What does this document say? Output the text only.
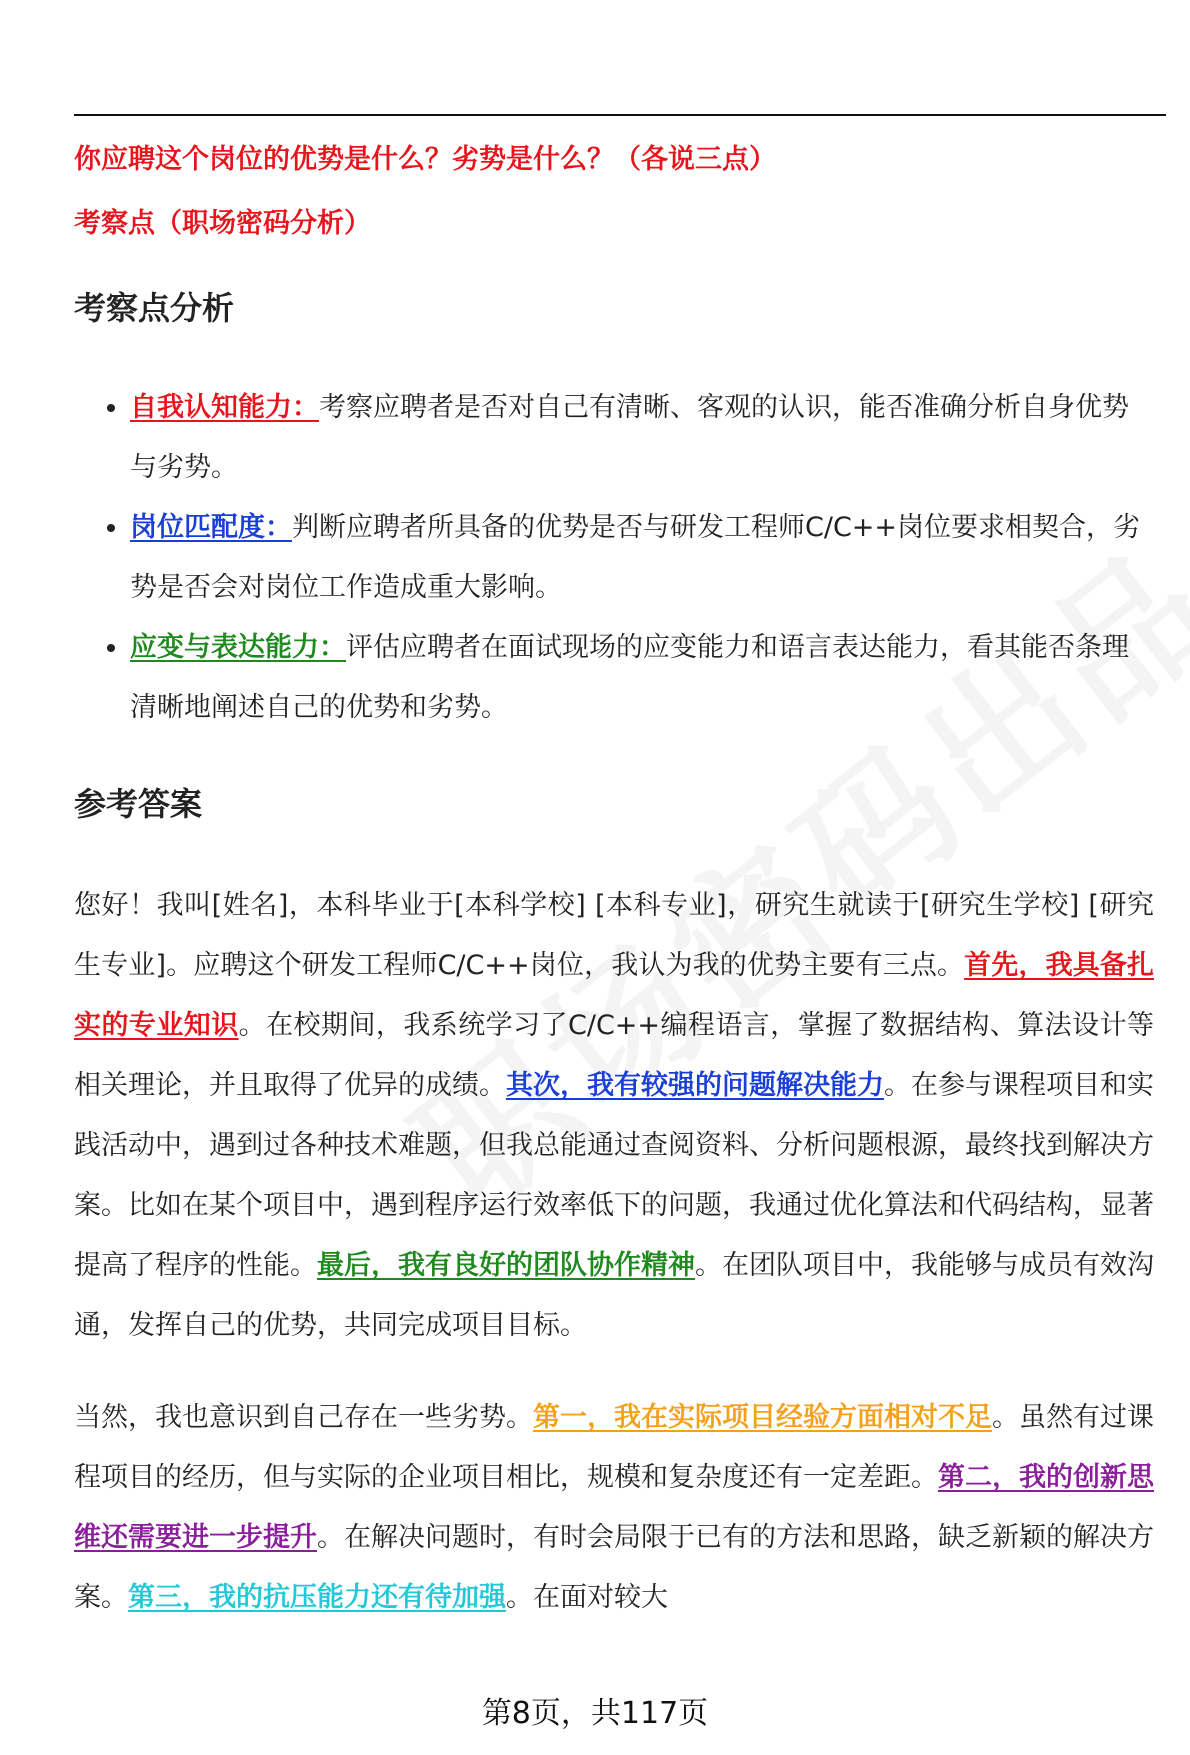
你应聘这个岗位的优势是什么？劣势是什么？（各说三点）

考察点（职场密码分析）

考察点分析
• 自我认知能力：考察应聘者是否对自己有清晰、客观的认识，能否准确分析自身优势与劣势。
• 岗位匹配度：判断应聘者所具备的优势是否与研发工程师C/C++岗位要求相契合，劣势是否会对岗位工作造成重大影响。
• 应变与表达能力：评估应聘者在面试现场的应变能力和语言表达能力，看其能否条理清晰地阐述自己的优势和劣势。
参考答案

您好！我叫[姓名]，本科毕业于[本科学校] [本科专业]，研究生就读于[研究生学校] [研究生专业]。应聘这个研发工程师C/C++岗位，我认为我的优势主要有三点。首先，我具备扎实的专业知识。在校期间，我系统学习了C/C++编程语言，掌握了数据结构、算法设计等相关理论，并且取得了优异的成绩。其次，我有较强的问题解决能力。在参与课程项目和实践活动中，遇到过各种技术难题，但我总能通过查阅资料、分析问题根源，最终找到解决方案。比如在某个项目中，遇到程序运行效率低下的问题，我通过优化算法和代码结构，显著提高了程序的性能。最后，我有良好的团队协作精神。在团队项目中，我能够与成员有效沟通，发挥自己的优势，共同完成项目目标。

当然，我也意识到自己存在一些劣势。第一，我在实际项目经验方面相对不足。虽然有过课程项目的经历，但与实际的企业项目相比，规模和复杂度还有一定差距。第二，我的创新思维还需要进一步提升。在解决问题时，有时会局限于已有的方法和思路，缺乏新颖的解决方案。第三，我的抗压能力还有待加强。在面对较大

第8页，共117页
